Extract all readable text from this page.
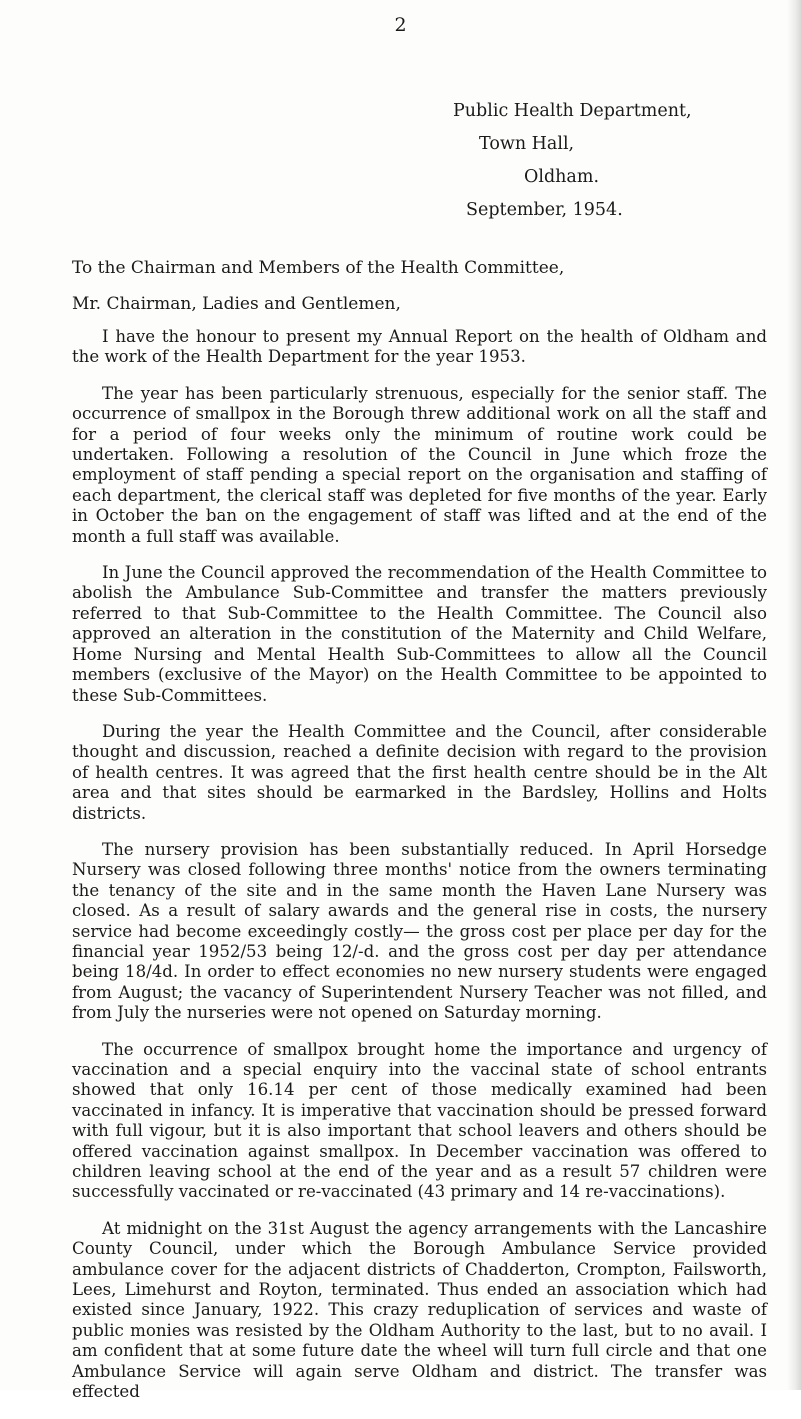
2
Public Health Department,
Town Hall,
Oldham.
September, 1954.
To the Chairman and Members of the Health Committee,
Mr. Chairman, Ladies and Gentlemen,

I have the honour to present my Annual Report on the health of Oldham and the work of the Health Department for the year 1953.

The year has been particularly strenuous, especially for the senior staff. The occurrence of smallpox in the Borough threw additional work on all the staff and for a period of four weeks only the minimum of routine work could be undertaken. Following a resolution of the Council in June which froze the employment of staff pending a special report on the organisation and staffing of each department, the clerical staff was depleted for five months of the year. Early in October the ban on the engagement of staff was lifted and at the end of the month a full staff was available.

In June the Council approved the recommendation of the Health Committee to abolish the Ambulance Sub-Committee and transfer the matters previously referred to that Sub-Committee to the Health Committee. The Council also approved an alteration in the constitution of the Maternity and Child Welfare, Home Nursing and Mental Health Sub-Committees to allow all the Council members (exclusive of the Mayor) on the Health Committee to be appointed to these Sub-Committees.

During the year the Health Committee and the Council, after considerable thought and discussion, reached a definite decision with regard to the provision of health centres. It was agreed that the first health centre should be in the Alt area and that sites should be earmarked in the Bardsley, Hollins and Holts districts.

The nursery provision has been substantially reduced. In April Horsedge Nursery was closed following three months' notice from the owners terminating the tenancy of the site and in the same month the Haven Lane Nursery was closed. As a result of salary awards and the general rise in costs, the nursery service had become exceedingly costly— the gross cost per place per day for the financial year 1952/53 being 12/-d. and the gross cost per day per attendance being 18/4d. In order to effect economies no new nursery students were engaged from August; the vacancy of Superintendent Nursery Teacher was not filled, and from July the nurseries were not opened on Saturday morning.

The occurrence of smallpox brought home the importance and urgency of vaccination and a special enquiry into the vaccinal state of school entrants showed that only 16.14 per cent of those medically examined had been vaccinated in infancy. It is imperative that vaccination should be pressed forward with full vigour, but it is also important that school leavers and others should be offered vaccination against smallpox. In December vaccination was offered to children leaving school at the end of the year and as a result 57 children were successfully vaccinated or re-vaccinated (43 primary and 14 re-vaccinations).

At midnight on the 31st August the agency arrangements with the Lancashire County Council, under which the Borough Ambulance Service provided ambulance cover for the adjacent districts of Chadderton, Crompton, Failsworth, Lees, Limehurst and Royton, terminated. Thus ended an association which had existed since January, 1922. This crazy reduplication of services and waste of public monies was resisted by the Oldham Authority to the last, but to no avail. I am confident that at some future date the wheel will turn full circle and that one Ambulance Service will again serve Oldham and district. The transfer was effected
